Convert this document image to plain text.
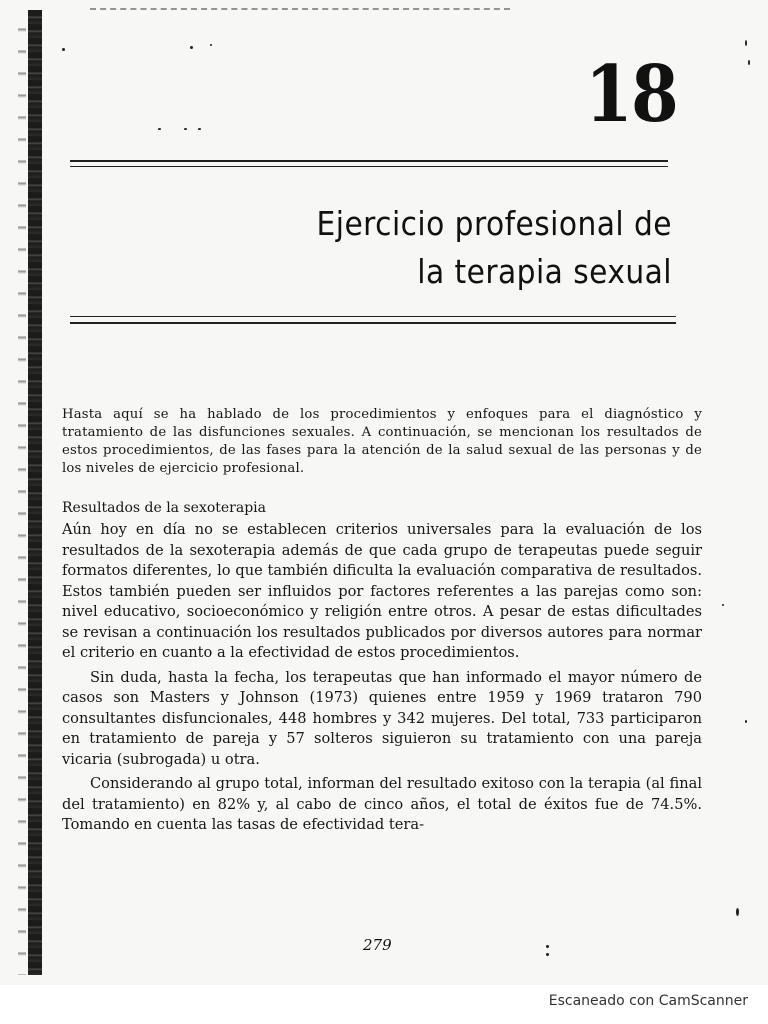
18
Ejercicio profesional de
la terapia sexual

Hasta aquí se ha hablado de los procedimientos y enfoques para el diagnóstico y tratamiento de las disfunciones sexuales. A continuación, se mencionan los resultados de estos procedimientos, de las fases para la atención de la salud sexual de las personas y de los niveles de ejercicio profesional.

Resultados de la sexoterapia

Aún hoy en día no se establecen criterios universales para la evaluación de los resultados de la sexoterapia además de que cada grupo de terapeutas puede seguir formatos diferentes, lo que también dificulta la evaluación comparativa de resultados. Estos también pueden ser influidos por factores referentes a las parejas como son: nivel educativo, socioeconómico y religión entre otros. A pesar de estas dificultades se revisan a continuación los resultados publicados por diversos autores para normar el criterio en cuanto a la efectividad de estos procedimientos.

Sin duda, hasta la fecha, los terapeutas que han informado el mayor número de casos son Masters y Johnson (1973) quienes entre 1959 y 1969 trataron 790 consultantes disfuncionales, 448 hombres y 342 mujeres. Del total, 733 participaron en tratamiento de pareja y 57 solteros siguieron su tratamiento con una pareja vicaria (subrogada) u otra.

Considerando al grupo total, informan del resultado exitoso con la terapia (al final del tratamiento) en 82% y, al cabo de cinco años, el total de éxitos fue de 74.5%. Tomando en cuenta las tasas de efectividad tera-

279
Escaneado con CamScanner
